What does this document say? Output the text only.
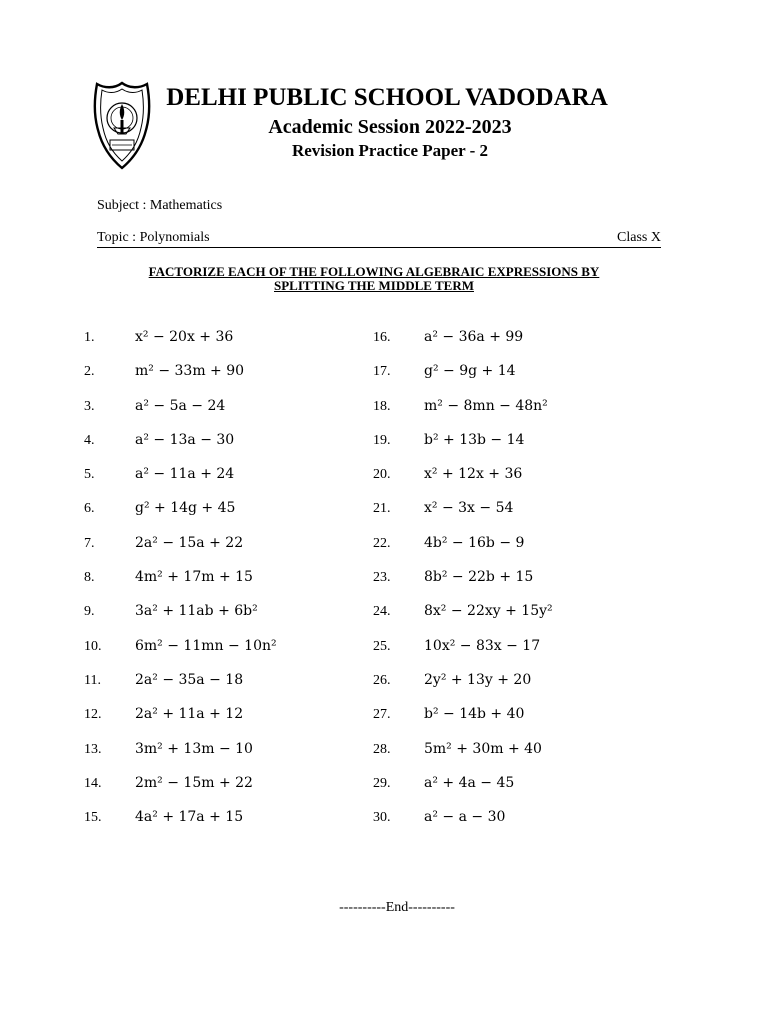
DELHI PUBLIC SCHOOL VADODARA
Academic Session 2022-2023
Revision Practice Paper - 2
Subject : Mathematics
Topic : Polynomials	Class X
FACTORIZE EACH OF THE FOLLOWING ALGEBRAIC EXPRESSIONS BY
SPLITTING THE MIDDLE TERM
1.	x² − 20x + 36
2.	m² − 33m + 90
3.	a² − 5a − 24
4.	a² − 13a − 30
5.	a² − 11a + 24
6.	g² + 14g + 45
7.	2a² − 15a + 22
8.	4m² + 17m + 15
9.	3a² + 11ab + 6b²
10. 6m² − 11mn − 10n²
11. 2a² − 35a − 18
12. 2a² + 11a + 12
13. 3m² + 13m − 10
14. 2m² − 15m + 22
15. 4a² + 17a + 15
16. a² − 36a + 99
17. g² − 9g + 14
18. m² − 8mn − 48n²
19. b² + 13b − 14
20. x² + 12x + 36
21. x² − 3x − 54
22. 4b² − 16b − 9
23. 8b² − 22b + 15
24. 8x² − 22xy + 15y²
25. 10x² − 83x − 17
26. 2y² + 13y + 20
27. b² − 14b + 40
28. 5m² + 30m + 40
29. a² + 4a − 45
30. a² − a − 30
----------End----------
